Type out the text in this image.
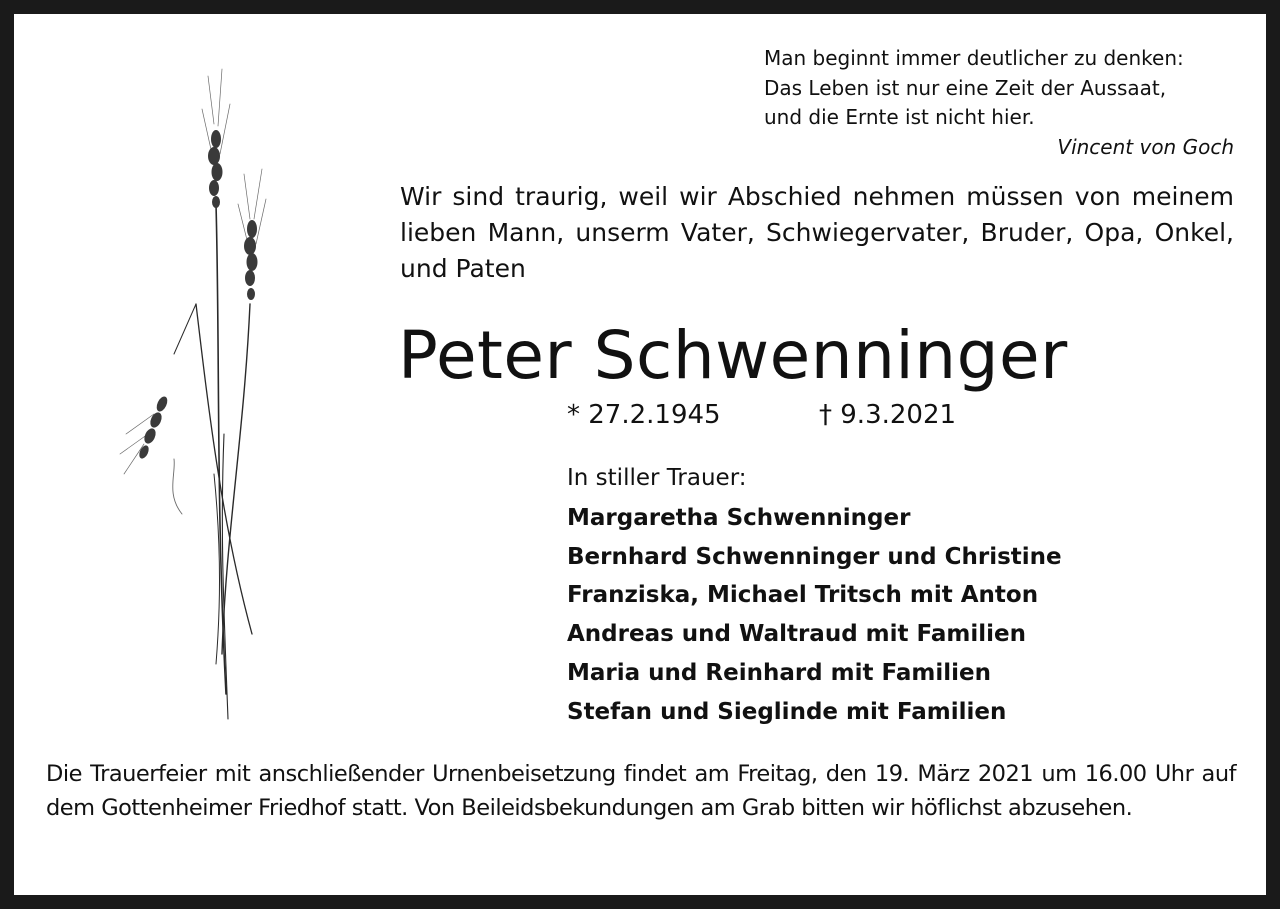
Man beginnt immer deutlicher zu denken:
Das Leben ist nur eine Zeit der Aussaat,
und die Ernte ist nicht hier.
Vincent von Goch
Wir sind traurig, weil wir Abschied nehmen müssen von meinem lieben Mann, unserm Vater, Schwiegervater, Bruder, Opa, Onkel, und Paten
Peter Schwenninger
* 27.2.1945	† 9.3.2021
In stiller Trauer:
Margaretha Schwenninger
Bernhard Schwenninger und Christine
Franziska, Michael Tritsch mit Anton
Andreas und Waltraud mit Familien
Maria und Reinhard mit Familien
Stefan und Sieglinde mit Familien
Die Trauerfeier mit anschließender Urnenbeisetzung findet am Freitag, den 19. März 2021 um 16.00 Uhr auf dem Gottenheimer Friedhof statt. Von Beileidsbekundungen am Grab bitten wir höflichst abzusehen.
